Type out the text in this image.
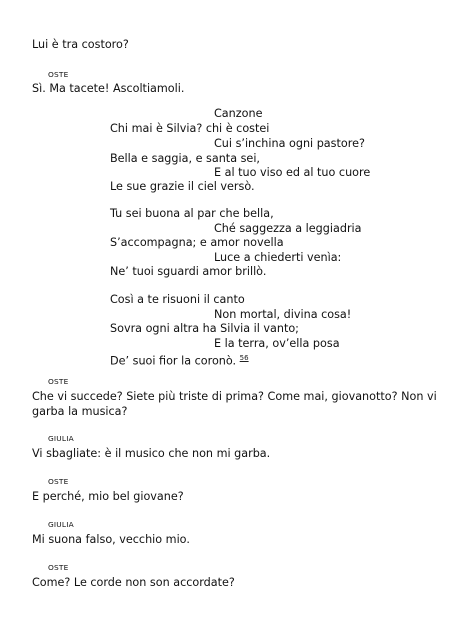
Lui è tra costoro?
OSTE
Sì. Ma tacete! Ascoltiamoli.
Canzone
Chi mai è Silvia? chi è costei
Cui s’inchina ogni pastore?
Bella e saggia, e santa sei,
E al tuo viso ed al tuo cuore
Le sue grazie il ciel versò.
Tu sei buona al par che bella,
Ché saggezza a leggiadria
S’accompagna; e amor novella
Luce a chiederti venìa:
Ne’ tuoi sguardi amor brillò.
Così a te risuoni il canto
Non mortal, divina cosa!
Sovra ogni altra ha Silvia il vanto;
E la terra, ov’ella posa
De’ suoi fior la coronò. $^{56}$
OSTE
Che vi succede? Siete più triste di prima? Come mai, giovanotto? Non vi
garba la musica?
GIULIA
Vi sbagliate: è il musico che non mi garba.
OSTE
E perché, mio bel giovane?
GIULIA
Mi suona falso, vecchio mio.
OSTE
Come? Le corde non son accordate?
